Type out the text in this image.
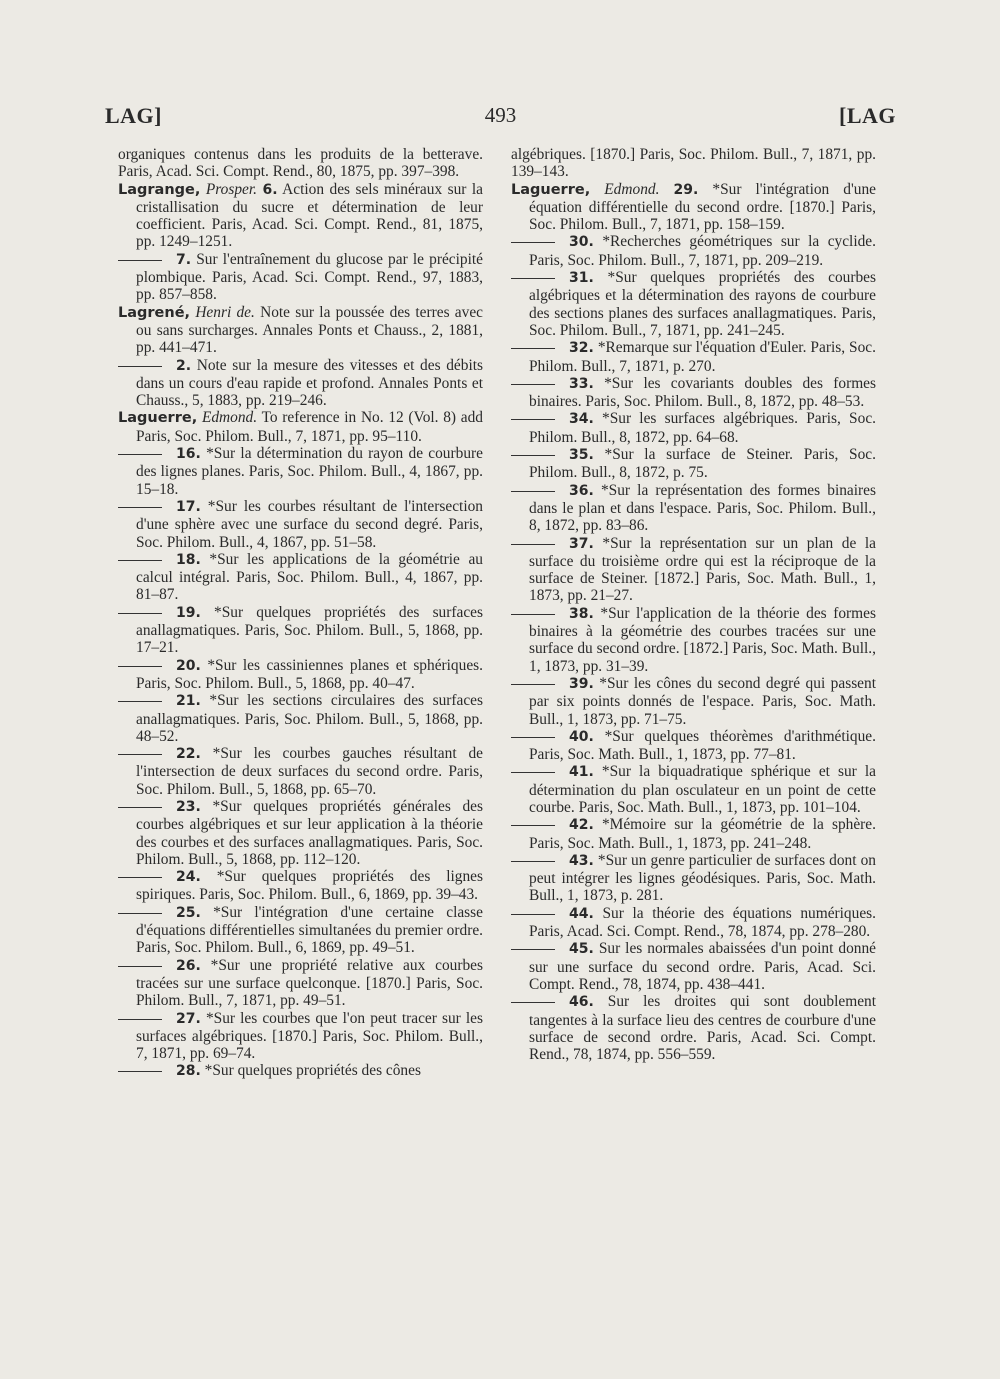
LAG]	493	[LAG

organiques contenus dans les produits de la betterave. Paris, Acad. Sci. Compt. Rend., 80, 1875, pp. 397–398.

Lagrange, Prosper. 6. Action des sels minéraux sur la cristallisation du sucre et détermination de leur coefficient. Paris, Acad. Sci. Compt. Rend., 81, 1875, pp. 1249–1251.

7. Sur l'entraînement du glucose par le précipité plombique. Paris, Acad. Sci. Compt. Rend., 97, 1883, pp. 857–858.

Lagrené, Henri de. Note sur la poussée des terres avec ou sans surcharges. Annales Ponts et Chauss., 2, 1881, pp. 441–471.

2. Note sur la mesure des vitesses et des débits dans un cours d'eau rapide et profond. Annales Ponts et Chauss., 5, 1883, pp. 219–246.

Laguerre, Edmond. To reference in No. 12 (Vol. 8) add Paris, Soc. Philom. Bull., 7, 1871, pp. 95–110.

16. *Sur la détermination du rayon de courbure des lignes planes. Paris, Soc. Philom. Bull., 4, 1867, pp. 15–18.

17. *Sur les courbes résultant de l'intersection d'une sphère avec une surface du second degré. Paris, Soc. Philom. Bull., 4, 1867, pp. 51–58.

18. *Sur les applications de la géométrie au calcul intégral. Paris, Soc. Philom. Bull., 4, 1867, pp. 81–87.

19. *Sur quelques propriétés des surfaces anallagmatiques. Paris, Soc. Philom. Bull., 5, 1868, pp. 17–21.

20. *Sur les cassiniennes planes et sphériques. Paris, Soc. Philom. Bull., 5, 1868, pp. 40–47.

21. *Sur les sections circulaires des surfaces anallagmatiques. Paris, Soc. Philom. Bull., 5, 1868, pp. 48–52.

22. *Sur les courbes gauches résultant de l'intersection de deux surfaces du second ordre. Paris, Soc. Philom. Bull., 5, 1868, pp. 65–70.

23. *Sur quelques propriétés générales des courbes algébriques et sur leur application à la théorie des courbes et des surfaces anallagmatiques. Paris, Soc. Philom. Bull., 5, 1868, pp. 112–120.

24. *Sur quelques propriétés des lignes spiriques. Paris, Soc. Philom. Bull., 6, 1869, pp. 39–43.

25. *Sur l'intégration d'une certaine classe d'équations différentielles simultanées du premier ordre. Paris, Soc. Philom. Bull., 6, 1869, pp. 49–51.

26. *Sur une propriété relative aux courbes tracées sur une surface quelconque. [1870.] Paris, Soc. Philom. Bull., 7, 1871, pp. 49–51.

27. *Sur les courbes que l'on peut tracer sur les surfaces algébriques. [1870.] Paris, Soc. Philom. Bull., 7, 1871, pp. 69–74.

28. *Sur quelques propriétés des cônes

algébriques. [1870.] Paris, Soc. Philom. Bull., 7, 1871, pp. 139–143.

Laguerre, Edmond. 29. *Sur l'intégration d'une équation différentielle du second ordre. [1870.] Paris, Soc. Philom. Bull., 7, 1871, pp. 158–159.

30. *Recherches géométriques sur la cyclide. Paris, Soc. Philom. Bull., 7, 1871, pp. 209–219.

31. *Sur quelques propriétés des courbes algébriques et la détermination des rayons de courbure des sections planes des surfaces anallagmatiques. Paris, Soc. Philom. Bull., 7, 1871, pp. 241–245.

32. *Remarque sur l'équation d'Euler. Paris, Soc. Philom. Bull., 7, 1871, p. 270.

33. *Sur les covariants doubles des formes binaires. Paris, Soc. Philom. Bull., 8, 1872, pp. 48–53.

34. *Sur les surfaces algébriques. Paris, Soc. Philom. Bull., 8, 1872, pp. 64–68.

35. *Sur la surface de Steiner. Paris, Soc. Philom. Bull., 8, 1872, p. 75.

36. *Sur la représentation des formes binaires dans le plan et dans l'espace. Paris, Soc. Philom. Bull., 8, 1872, pp. 83–86.

37. *Sur la représentation sur un plan de la surface du troisième ordre qui est la réciproque de la surface de Steiner. [1872.] Paris, Soc. Math. Bull., 1, 1873, pp. 21–27.

38. *Sur l'application de la théorie des formes binaires à la géométrie des courbes tracées sur une surface du second ordre. [1872.] Paris, Soc. Math. Bull., 1, 1873, pp. 31–39.

39. *Sur les cônes du second degré qui passent par six points donnés de l'espace. Paris, Soc. Math. Bull., 1, 1873, pp. 71–75.

40. *Sur quelques théorèmes d'arithmétique. Paris, Soc. Math. Bull., 1, 1873, pp. 77–81.

41. *Sur la biquadratique sphérique et sur la détermination du plan osculateur en un point de cette courbe. Paris, Soc. Math. Bull., 1, 1873, pp. 101–104.

42. *Mémoire sur la géométrie de la sphère. Paris, Soc. Math. Bull., 1, 1873, pp. 241–248.

43. *Sur un genre particulier de surfaces dont on peut intégrer les lignes géodésiques. Paris, Soc. Math. Bull., 1, 1873, p. 281.

44. Sur la théorie des équations numériques. Paris, Acad. Sci. Compt. Rend., 78, 1874, pp. 278–280.

45. Sur les normales abaissées d'un point donné sur une surface du second ordre. Paris, Acad. Sci. Compt. Rend., 78, 1874, pp. 438–441.

46. Sur les droites qui sont doublement tangentes à la surface lieu des centres de courbure d'une surface de second ordre. Paris, Acad. Sci. Compt. Rend., 78, 1874, pp. 556–559.
